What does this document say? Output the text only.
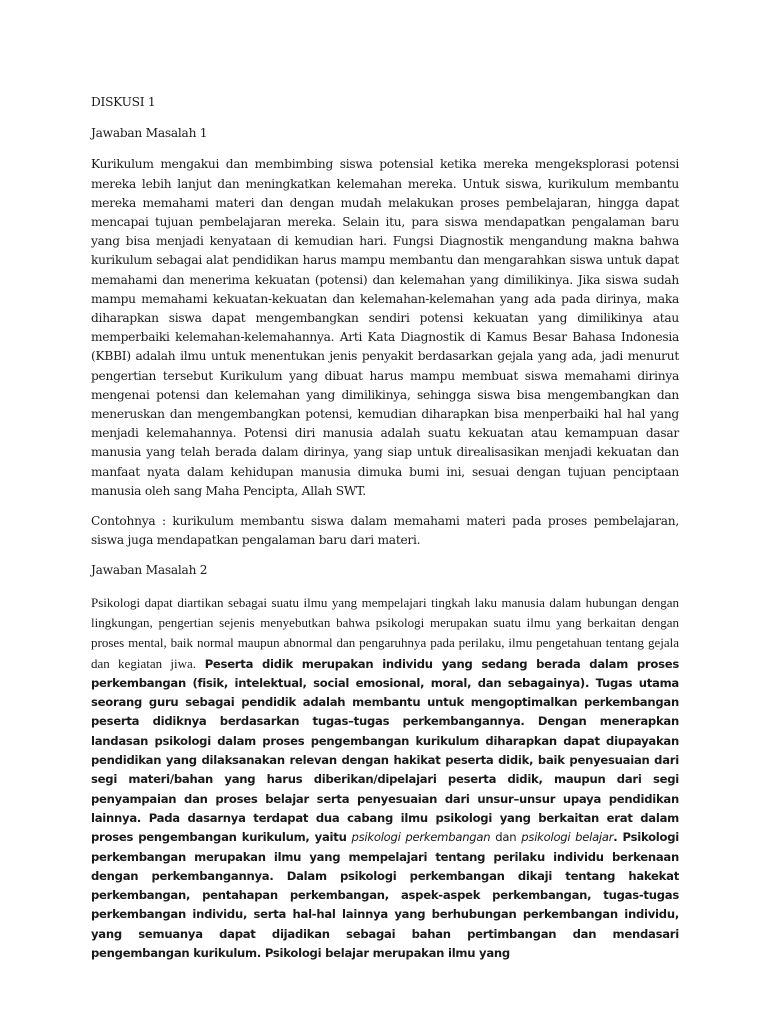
DISKUSI 1
Jawaban Masalah 1

Kurikulum mengakui dan membimbing siswa potensial ketika mereka mengeksplorasi potensi mereka lebih lanjut dan meningkatkan kelemahan mereka. Untuk siswa, kurikulum membantu mereka memahami materi dan dengan mudah melakukan proses pembelajaran, hingga dapat mencapai tujuan pembelajaran mereka. Selain itu, para siswa mendapatkan pengalaman baru yang bisa menjadi kenyataan di kemudian hari. Fungsi Diagnostik mengandung makna bahwa kurikulum sebagai alat pendidikan harus mampu membantu dan mengarahkan siswa untuk dapat memahami dan menerima kekuatan (potensi) dan kelemahan yang dimilikinya. Jika siswa sudah mampu memahami kekuatan-kekuatan dan kelemahan-kelemahan yang ada pada dirinya, maka diharapkan siswa dapat mengembangkan sendiri potensi kekuatan yang dimilikinya atau memperbaiki kelemahan-kelemahannya. Arti Kata Diagnostik di Kamus Besar Bahasa Indonesia (KBBI) adalah ilmu untuk menentukan jenis penyakit berdasarkan gejala yang ada, jadi menurut pengertian tersebut Kurikulum yang dibuat harus mampu membuat siswa memahami dirinya mengenai potensi dan kelemahan yang dimilikinya, sehingga siswa bisa mengembangkan dan meneruskan dan mengembangkan potensi, kemudian diharapkan bisa menperbaiki hal hal yang menjadi kelemahannya. Potensi diri manusia adalah suatu kekuatan atau kemampuan dasar manusia yang telah berada dalam dirinya, yang siap untuk direalisasikan menjadi kekuatan dan manfaat nyata dalam kehidupan manusia dimuka bumi ini, sesuai dengan tujuan penciptaan manusia oleh sang Maha Pencipta, Allah SWT.

Contohnya : kurikulum membantu siswa dalam memahami materi pada proses pembelajaran, siswa juga mendapatkan pengalaman baru dari materi.

Jawaban Masalah 2

Psikologi dapat diartikan sebagai suatu ilmu yang mempelajari tingkah laku manusia dalam hubungan dengan lingkungan, pengertian sejenis menyebutkan bahwa psikologi merupakan suatu ilmu yang berkaitan dengan proses mental, baik normal maupun abnormal dan pengaruhnya pada perilaku, ilmu pengetahuan tentang gejala dan kegiatan jiwa. Peserta didik merupakan individu yang sedang berada dalam proses perkembangan (fisik, intelektual, social emosional, moral, dan sebagainya). Tugas utama seorang guru sebagai pendidik adalah membantu untuk mengoptimalkan perkembangan peserta didiknya berdasarkan tugas–tugas perkembangannya. Dengan menerapkan landasan psikologi dalam proses pengembangan kurikulum diharapkan dapat diupayakan pendidikan yang dilaksanakan relevan dengan hakikat peserta didik, baik penyesuaian dari segi materi/bahan yang harus diberikan/dipelajari peserta didik, maupun dari segi penyampaian dan proses belajar serta penyesuaian dari unsur–unsur upaya pendidikan lainnya. Pada dasarnya terdapat dua cabang ilmu psikologi yang berkaitan erat dalam proses pengembangan kurikulum, yaitu psikologi perkembangan dan psikologi belajar. Psikologi perkembangan merupakan ilmu yang mempelajari tentang perilaku individu berkenaan dengan perkembangannya. Dalam psikologi perkembangan dikaji tentang hakekat perkembangan, pentahapan perkembangan, aspek-aspek perkembangan, tugas-tugas perkembangan individu, serta hal-hal lainnya yang berhubungan perkembangan individu, yang semuanya dapat dijadikan sebagai bahan pertimbangan dan mendasari pengembangan kurikulum. Psikologi belajar merupakan ilmu yang
